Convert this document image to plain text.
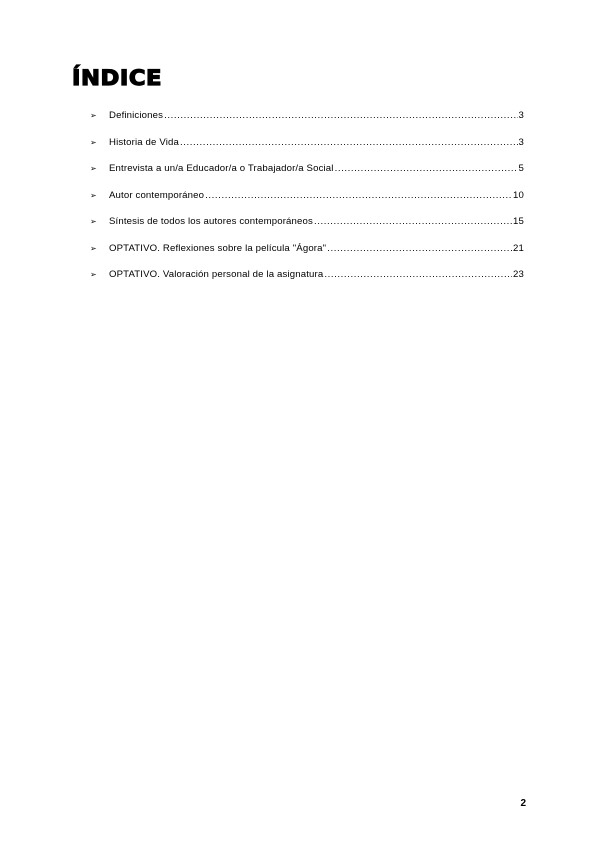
ÍNDICE
➢	Definiciones .....	3
➢	Historia de Vida .....	3
➢	Entrevista a un/a Educador/a o Trabajador/a Social .....	5
➢	Autor contemporáneo .....	10
➢	Síntesis de todos los autores contemporáneos .....	15
➢	OPTATIVO. Reflexiones sobre la película "Ágora" .....	21
➢	OPTATIVO. Valoración personal de la asignatura .....	23
2
